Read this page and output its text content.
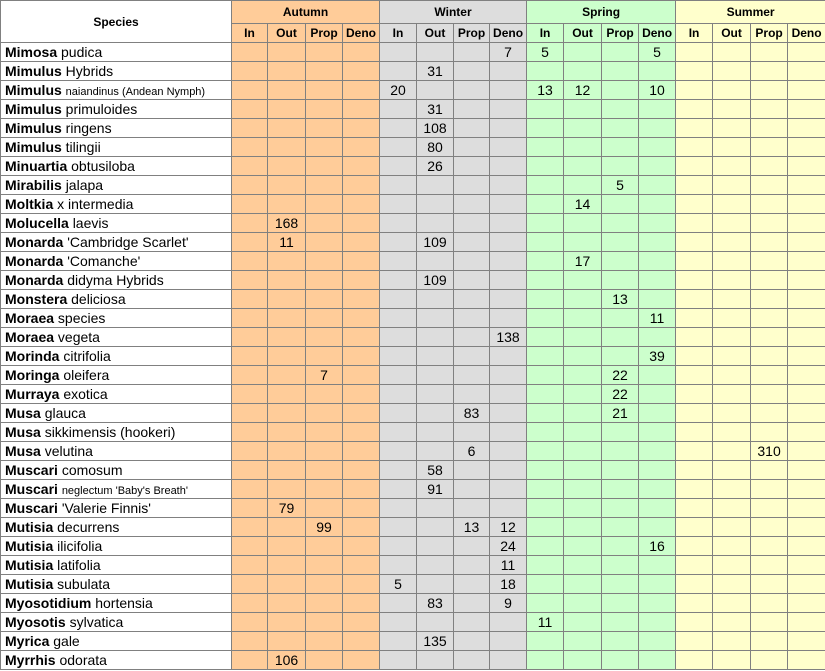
Species	Autumn				Winter				Spring				Summer			
	In	Out	Prop	Deno	In	Out	Prop	Deno	In	Out	Prop	Deno	In	Out	Prop	Deno
Mimosa pudica								7	5			5				
Mimulus Hybrids						31										
Mimulus naiandinus (Andean Nymph)					20				13	12		10				
Mimulus primuloides						31										
Mimulus ringens						108										
Mimulus tilingii						80										
Minuartia obtusiloba						26										
Mirabilis jalapa											5					
Moltkia x intermedia										14						
Molucella laevis		168														
Monarda 'Cambridge Scarlet'		11				109										
Monarda 'Comanche'										17						
Monarda didyma Hybrids						109										
Monstera deliciosa											13					
Moraea species												11				
Moraea vegeta								138								
Morinda citrifolia												39				
Moringa oleifera			7								22					
Murraya exotica											22					
Musa glauca							83				21					
Musa sikkimensis (hookeri)																
Musa velutina							6								310	
Muscari comosum						58										
Muscari neglectum 'Baby's Breath'						91										
Muscari 'Valerie Finnis'		79														
Mutisia decurrens			99				13	12								
Mutisia ilicifolia								24				16				
Mutisia latifolia								11								
Mutisia subulata					5			18								
Myosotidium hortensia						83		9								
Myosotis sylvatica									11							
Myrica gale						135										
Myrrhis odorata		106														
